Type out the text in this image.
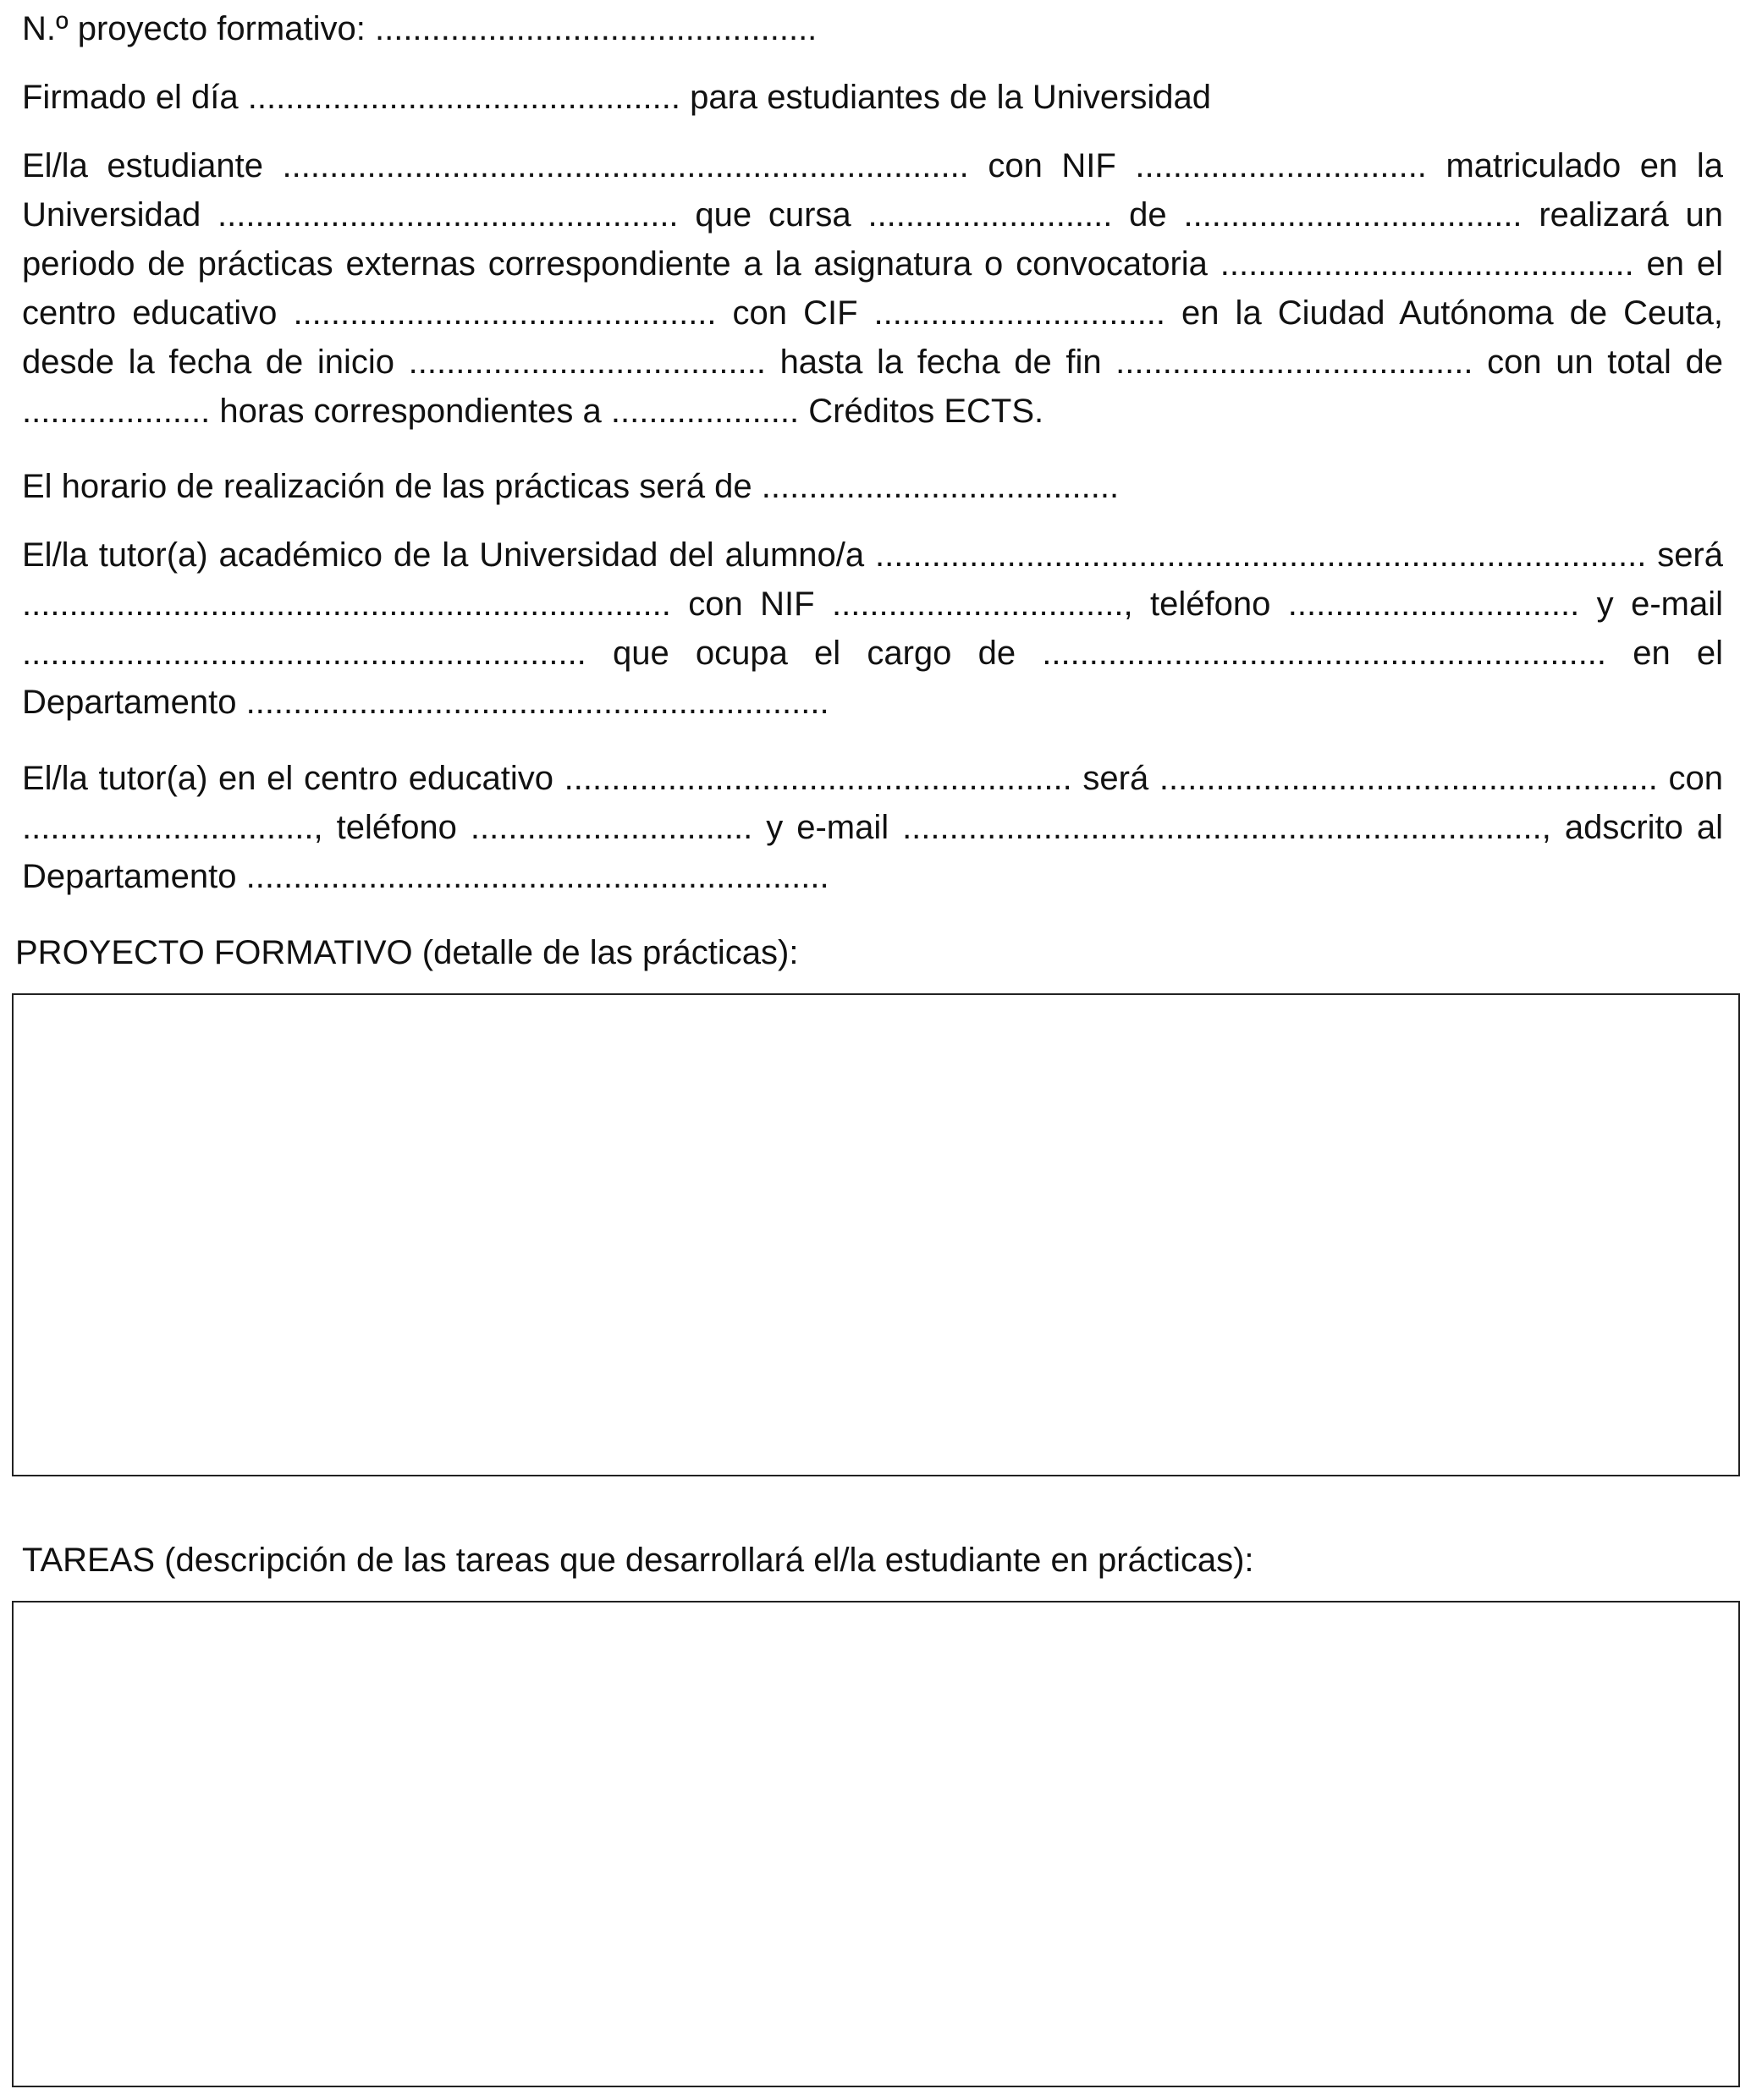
N.º proyecto formativo: ...............................................
Firmado el día .............................................. para estudiantes de la Universidad
El/la estudiante ......................................................................... con NIF ............................... matriculado en la Universidad ................................................. que cursa .......................... de .................................... realizará un periodo de prácticas externas correspondiente a la asignatura o convocatoria ............................................ en el centro educativo ............................................. con CIF ............................... en la Ciudad Autónoma de Ceuta, desde la fecha de inicio ...................................... hasta la fecha de fin ...................................... con un total de .................... horas correspondientes a .................... Créditos ECTS.
El horario de realización de las prácticas será de ......................................
El/la tutor(a) académico de la Universidad del alumno/a .................................................................................. será ..................................................................... con NIF ..............................., teléfono ............................... y e-mail ............................................................ que ocupa el cargo de ............................................................ en el Departamento ..............................................................
El/la tutor(a) en el centro educativo ...................................................... será ..................................................... con ..............................., teléfono .............................. y e-mail ...................................................................., adscrito al Departamento ..............................................................
PROYECTO FORMATIVO (detalle de las prácticas):
TAREAS (descripción de las tareas que desarrollará el/la estudiante en prácticas):
